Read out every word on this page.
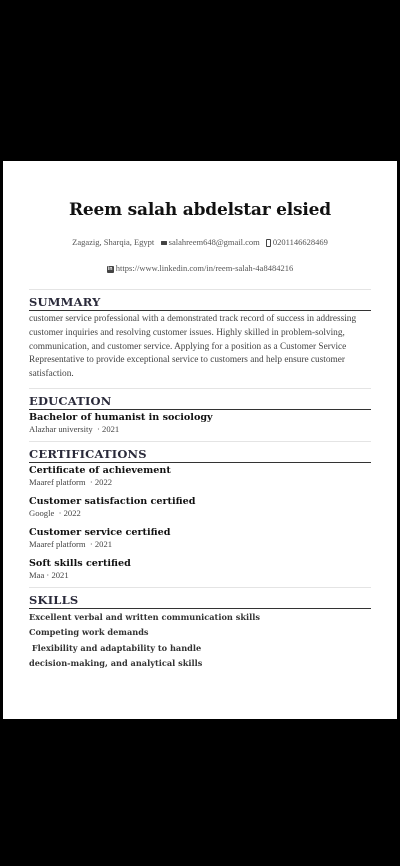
Reem salah abdelstar elsied
Zagazig, Sharqia, Egypt salahreem648@gmail.com 0201146628469
in https://www.linkedin.com/in/reem-salah-4a8484216
SUMMARY
customer service professional with a demonstrated track record of success in addressing customer inquiries and resolving customer issues. Highly skilled in problem-solving, communication, and customer service. Applying for a position as a Customer Service Representative to provide exceptional service to customers and help ensure customer satisfaction.
EDUCATION
Bachelor of humanist in sociology
Alazhar university  · 2021
CERTIFICATIONS
Certificate of achievement
Maaref platform  · 2022
Customer satisfaction certified
Google  · 2022
Customer service certified
Maaref platform  · 2021
Soft skills certified
Maa · 2021
SKILLS
Excellent verbal and written communication skills
Competing work demands
Flexibility and adaptability to handle
decision-making, and analytical skills
